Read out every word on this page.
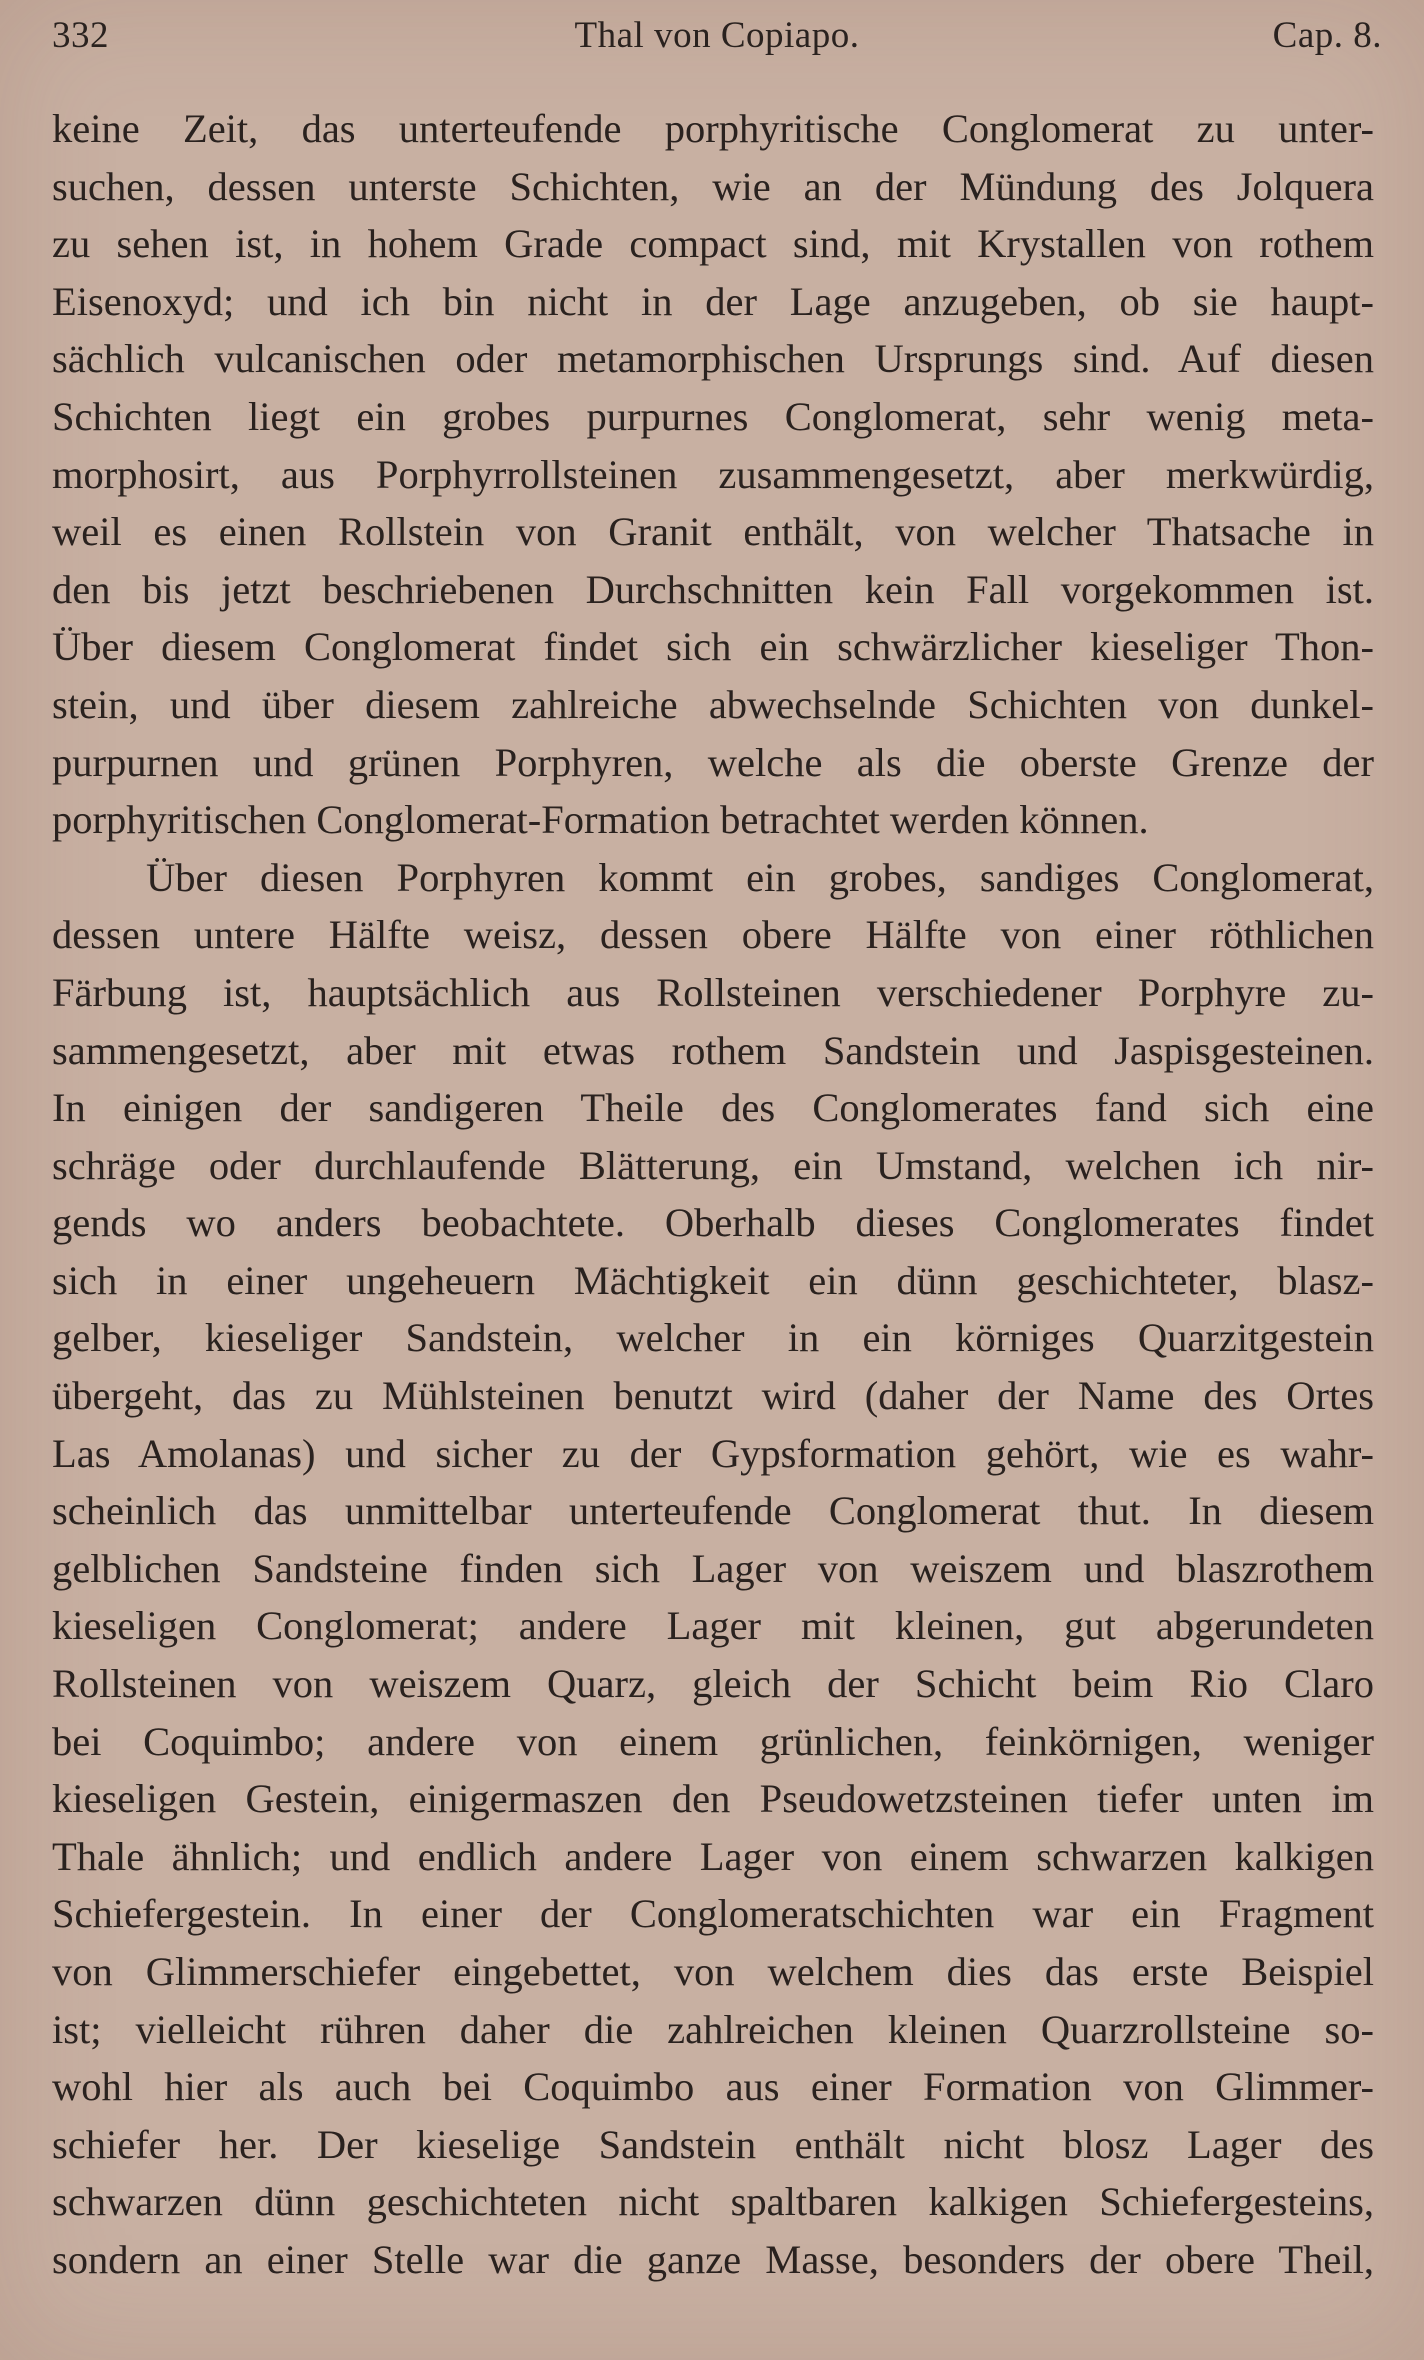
332	Thal von Copiapo.	Cap. 8.
keine Zeit, das unterteufende porphyritische Conglomerat zu unter-
suchen, dessen unterste Schichten, wie an der Mündung des Jolquera
zu sehen ist, in hohem Grade compact sind, mit Krystallen von rothem
Eisenoxyd; und ich bin nicht in der Lage anzugeben, ob sie haupt-
sächlich vulcanischen oder metamorphischen Ursprungs sind. Auf diesen
Schichten liegt ein grobes purpurnes Conglomerat, sehr wenig meta-
morphosirt, aus Porphyrrollsteinen zusammengesetzt, aber merkwürdig,
weil es einen Rollstein von Granit enthält, von welcher Thatsache in
den bis jetzt beschriebenen Durchschnitten kein Fall vorgekommen ist.
Über diesem Conglomerat findet sich ein schwärzlicher kieseliger Thon-
stein, und über diesem zahlreiche abwechselnde Schichten von dunkel-
purpurnen und grünen Porphyren, welche als die oberste Grenze der
porphyritischen Conglomerat-Formation betrachtet werden können.
Über diesen Porphyren kommt ein grobes, sandiges Conglomerat,
dessen untere Hälfte weisz, dessen obere Hälfte von einer röthlichen
Färbung ist, hauptsächlich aus Rollsteinen verschiedener Porphyre zu-
sammengesetzt, aber mit etwas rothem Sandstein und Jaspisgesteinen.
In einigen der sandigeren Theile des Conglomerates fand sich eine
schräge oder durchlaufende Blätterung, ein Umstand, welchen ich nir-
gends wo anders beobachtete. Oberhalb dieses Conglomerates findet
sich in einer ungeheuern Mächtigkeit ein dünn geschichteter, blasz-
gelber, kieseliger Sandstein, welcher in ein körniges Quarzitgestein
übergeht, das zu Mühlsteinen benutzt wird (daher der Name des Ortes
Las Amolanas) und sicher zu der Gypsformation gehört, wie es wahr-
scheinlich das unmittelbar unterteufende Conglomerat thut. In diesem
gelblichen Sandsteine finden sich Lager von weiszem und blaszrothem
kieseligen Conglomerat; andere Lager mit kleinen, gut abgerundeten
Rollsteinen von weiszem Quarz, gleich der Schicht beim Rio Claro
bei Coquimbo; andere von einem grünlichen, feinkörnigen, weniger
kieseligen Gestein, einigermaszen den Pseudowetzsteinen tiefer unten im
Thale ähnlich; und endlich andere Lager von einem schwarzen kalkigen
Schiefergestein. In einer der Conglomeratschichten war ein Fragment
von Glimmerschiefer eingebettet, von welchem dies das erste Beispiel
ist; vielleicht rühren daher die zahlreichen kleinen Quarzrollsteine so-
wohl hier als auch bei Coquimbo aus einer Formation von Glimmer-
schiefer her. Der kieselige Sandstein enthält nicht blosz Lager des
schwarzen dünn geschichteten nicht spaltbaren kalkigen Schiefergesteins,
sondern an einer Stelle war die ganze Masse, besonders der obere Theil,
